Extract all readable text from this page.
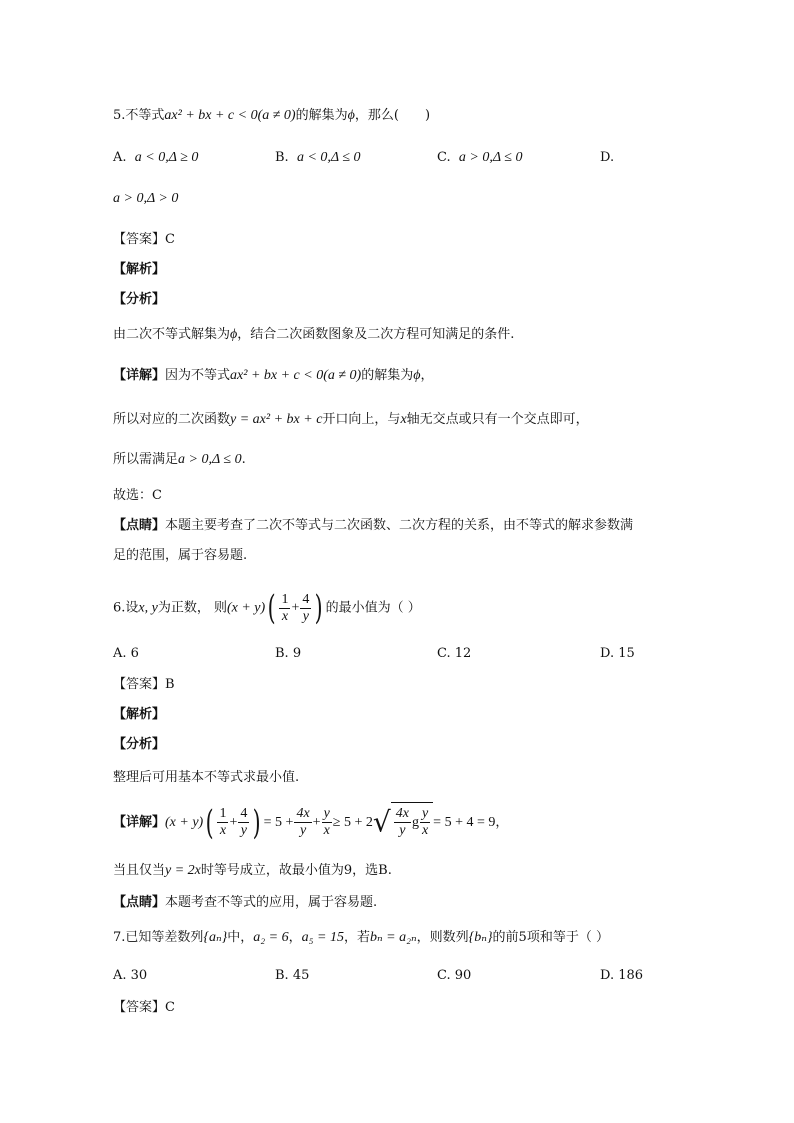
5.不等式ax² + bx + c < 0(a ≠ 0)的解集为ϕ，那么(　　)
A. a < 0,Δ ≥ 0	B. a < 0,Δ ≤ 0	C. a > 0,Δ ≤ 0	D.
a > 0,Δ > 0
【答案】C
【解析】
【分析】
由二次不等式解集为ϕ，结合二次函数图象及二次方程可知满足的条件.
【详解】因为不等式ax² + bx + c < 0(a ≠ 0)的解集为ϕ，
所以对应的二次函数y = ax² + bx + c开口向上，与x轴无交点或只有一个交点即可，
所以需满足a > 0,Δ ≤ 0.
故选：C
【点睛】本题主要考查了二次不等式与二次函数、二次方程的关系，由不等式的解求参数满
足的范围，属于容易题.
6.设x, y为正数， 则$(x + y)( \frac{1}{x} + \frac{4}{y}$ ) 的最小值为（ ）
A. 6	B. 9	C. 12	D. 15
【答案】B
【解析】
【分析】
整理后可用基本不等式求最小值.
【详解】$(x + y)( \frac{1}{x} + \frac{4}{y}$ ) = $5 + \frac{4x}{y} + \frac{y}{x} \ge 5 + 2√ \frac{4x}{y}$ g $\frac{y}{x} = 5 + 4 = 9$，
当且仅当y = 2x时等号成立，故最小值为9，选B.
【点睛】本题考查不等式的应用，属于容易题.
7.已知等差数列{aₙ}中，a₂ = 6，a₅ = 15，若bₙ = a₂ₙ，则数列{bₙ}的前5项和等于（ ）
A. 30	B. 45	C. 90	D. 186
【答案】C
